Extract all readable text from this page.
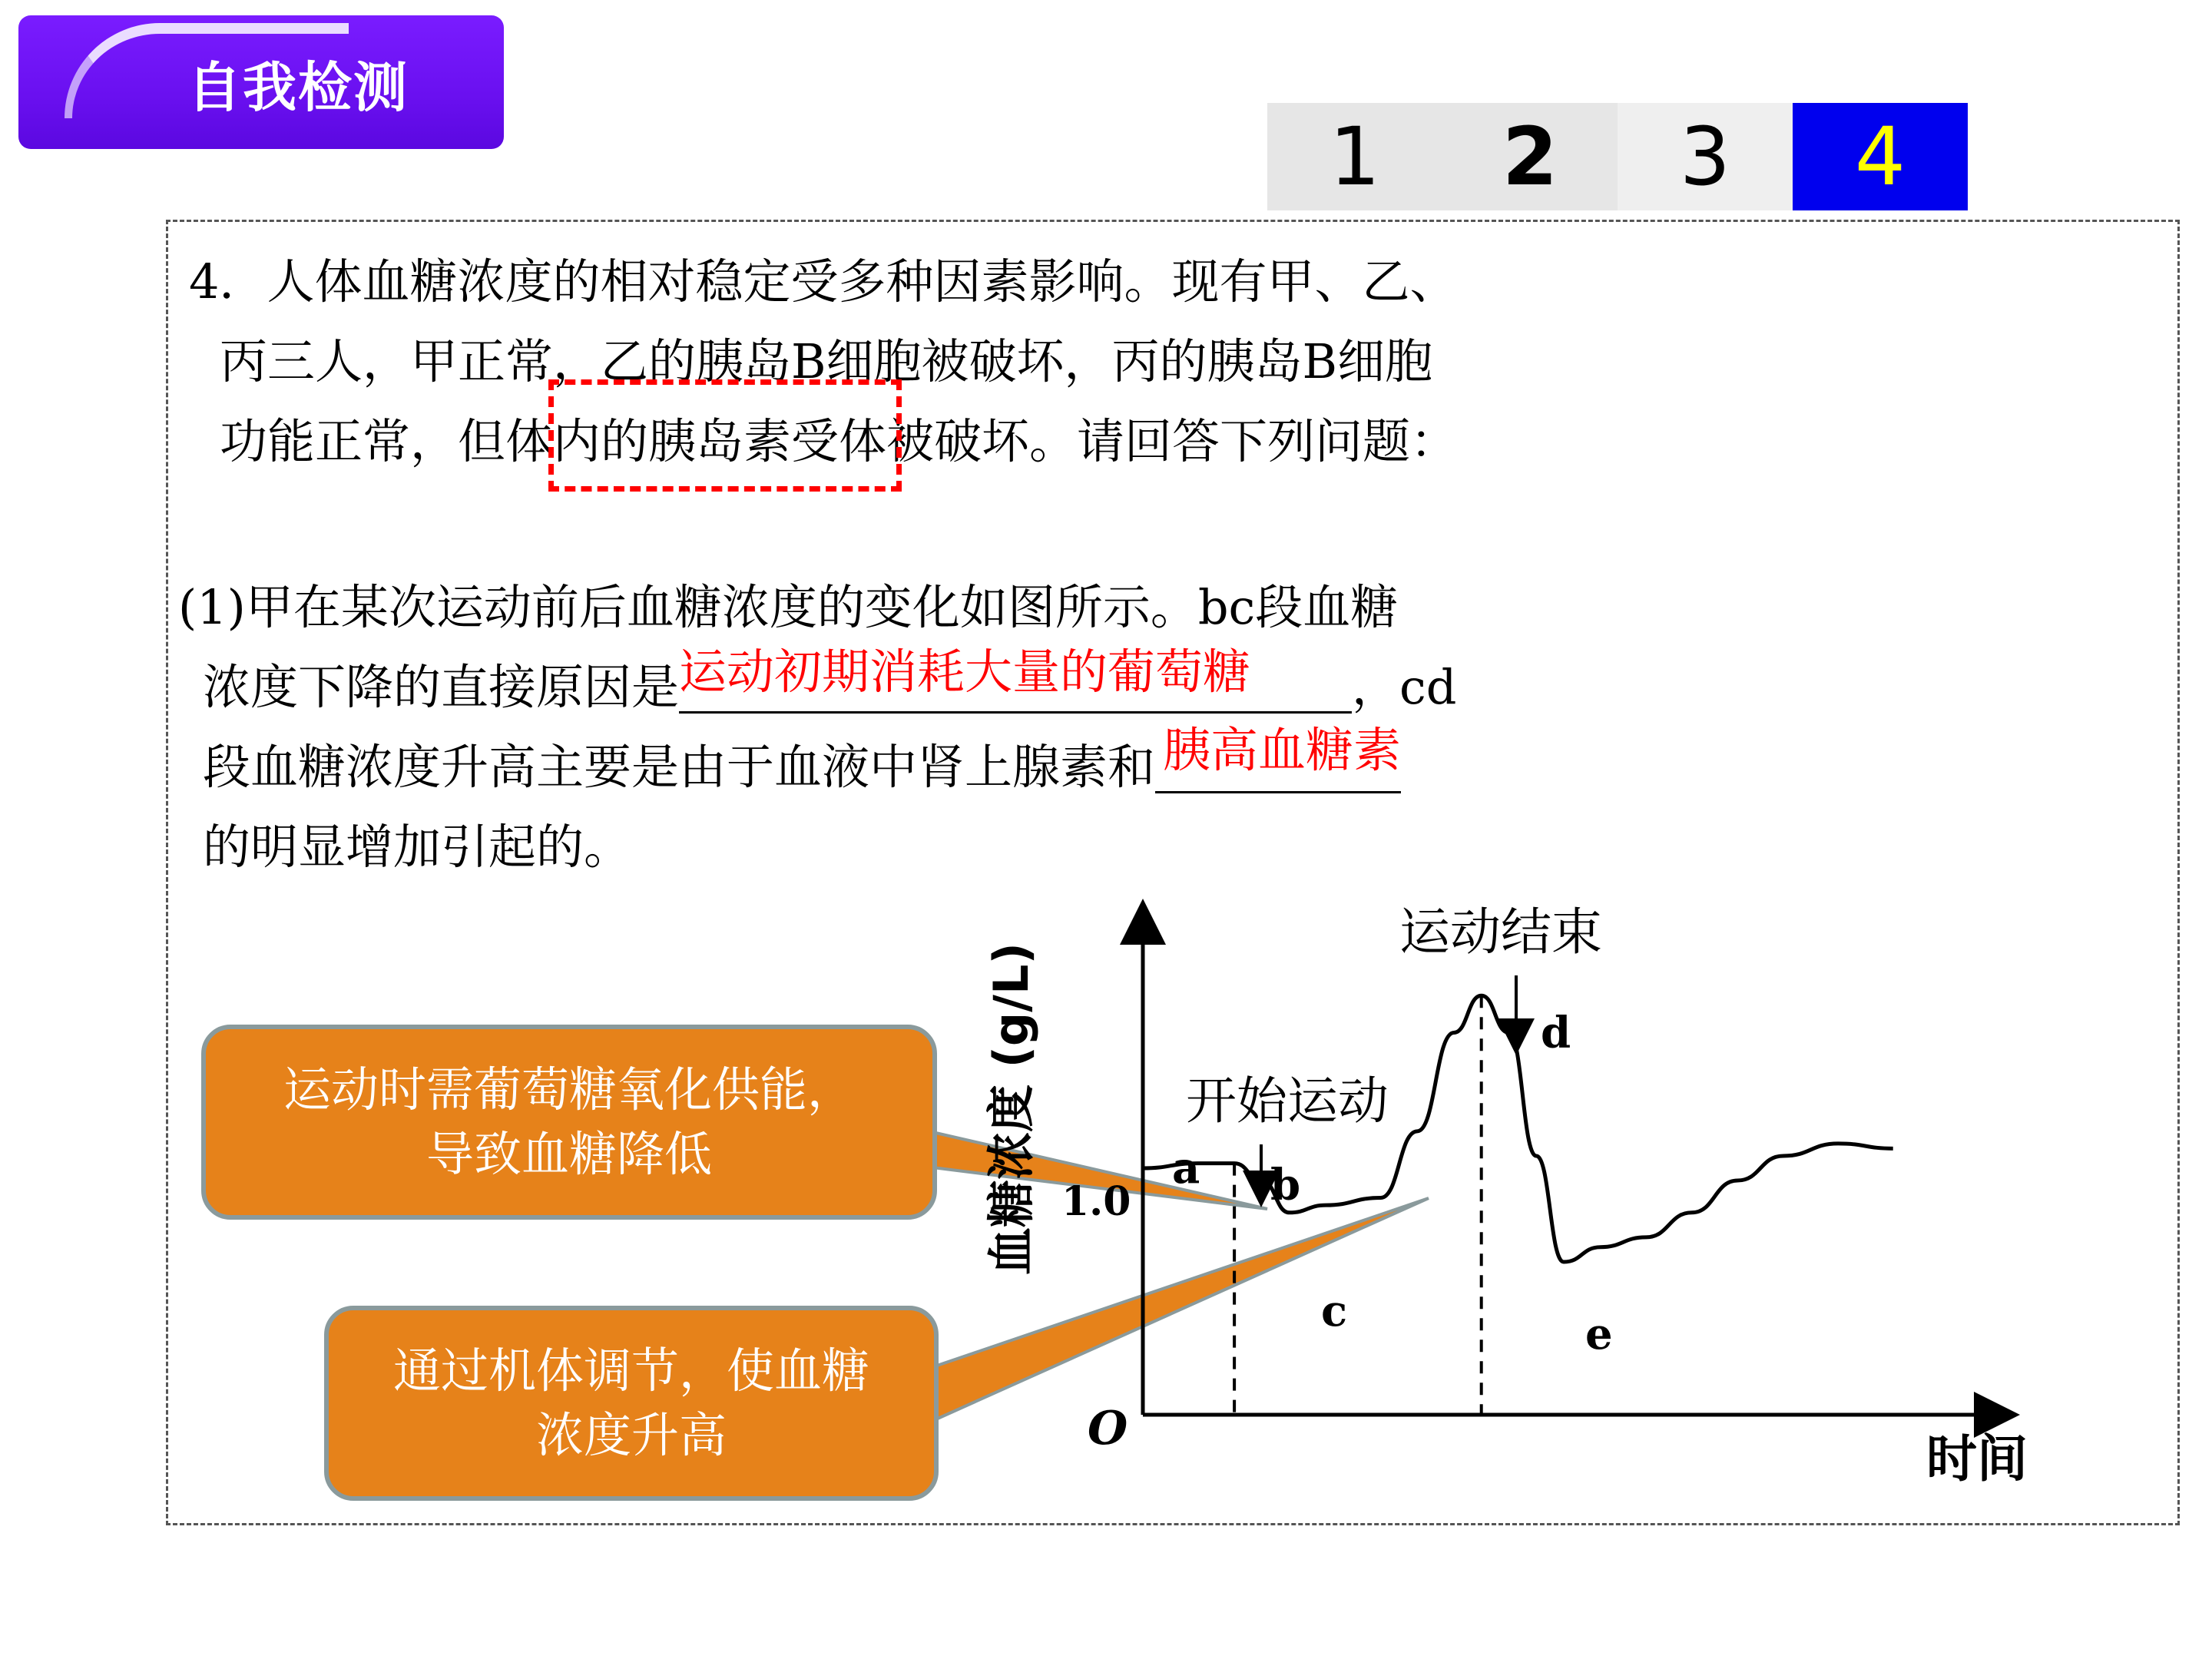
自我检测
1	2	3	4
4．人体血糖浓度的相对稳定受多种因素影响。现有甲、乙、
丙三人，甲正常，乙的胰岛B细胞被破坏，丙的胰岛B细胞
功能正常，但体内的胰岛素受体被破坏。请回答下列问题：
(1)甲在某次运动前后血糖浓度的变化如图所示。bc段血糖
浓度下降的直接原因是运动初期消耗大量的葡萄糖 ，cd
段血糖浓度升高主要是由于血液中肾上腺素和 胰高血糖素
的明显增加引起的。
开始运动
运动结束
a b
c
d
e
1.0
O
时间
血糖浓度 (g/L)
运动时需葡萄糖氧化供能，
导致血糖降低
通过机体调节，使血糖
浓度升高
